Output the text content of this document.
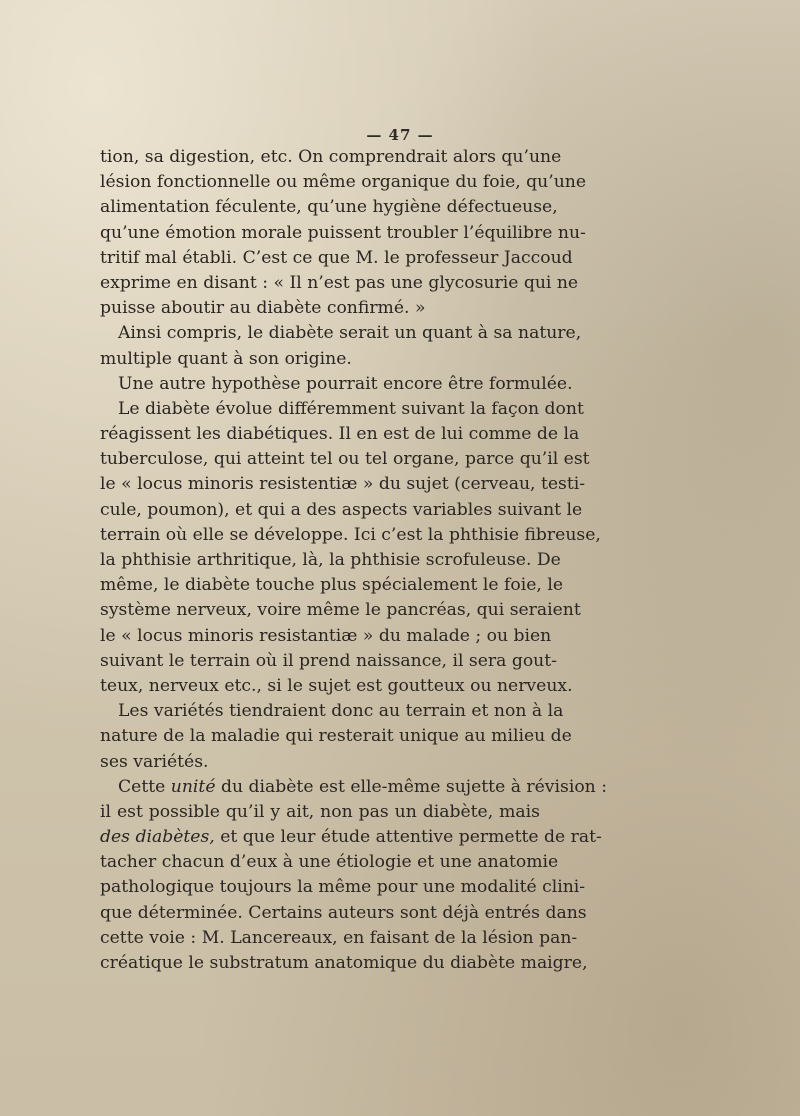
— 47 —
tion, sa digestion, etc. On comprendrait alors qu’une
lésion fonctionnelle ou même organique du foie, qu’une
alimentation féculente, qu’une hygiène défectueuse,
qu’une émotion morale puissent troubler l’équilibre nu-
tritif mal établi. C’est ce que M. le professeur Jaccoud
exprime en disant : « Il n’est pas une glycosurie qui ne
puisse aboutir au diabète confirmé. »
Ainsi compris, le diabète serait un quant à sa nature,
multiple quant à son origine.
Une autre hypothèse pourrait encore être formulée.
Le diabète évolue différemment suivant la façon dont
réagissent les diabétiques. Il en est de lui comme de la
tuberculose, qui atteint tel ou tel organe, parce qu’il est
le « locus minoris resistentiæ » du sujet (cerveau, testi-
cule, poumon), et qui a des aspects variables suivant le
terrain où elle se développe. Ici c’est la phthisie fibreuse,
la phthisie arthritique, là, la phthisie scrofuleuse. De
même, le diabète touche plus spécialement le foie, le
système nerveux, voire même le pancréas, qui seraient
le « locus minoris resistantiæ » du malade ; ou bien
suivant le terrain où il prend naissance, il sera gout-
teux, nerveux etc., si le sujet est goutteux ou nerveux.
Les variétés tiendraient donc au terrain et non à la
nature de la maladie qui resterait unique au milieu de
ses variétés.
Cette unité du diabète est elle-même sujette à révision :
il est possible qu’il y ait, non pas un diabète, mais
des diabètes, et que leur étude attentive permette de rat-
tacher chacun d’eux à une étiologie et une anatomie
pathologique toujours la même pour une modalité clini-
que déterminée. Certains auteurs sont déjà entrés dans
cette voie : M. Lancereaux, en faisant de la lésion pan-
créatique le substratum anatomique du diabète maigre,
